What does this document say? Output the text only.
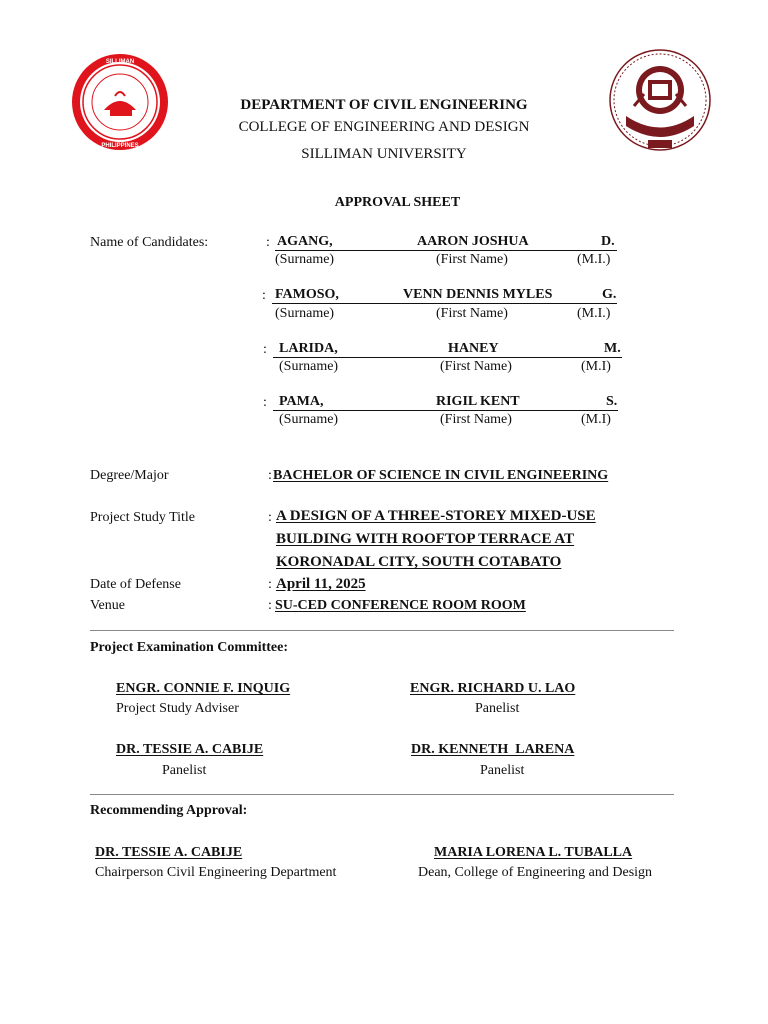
SILLIMAN
PHILIPPINES
DEPARTMENT OF CIVIL ENGINEERING
COLLEGE OF ENGINEERING AND DESIGN
SILLIMAN UNIVERSITY
APPROVAL SHEET
Name of Candidates:	: AGANG,	AARON JOSHUA	D.
(Surname)	(First Name)	(M.I.)
: FAMOSO,	VENN DENNIS MYLES	G.
(Surname)	(First Name)	(M.I.)
: LARIDA,	HANEY	M.
(Surname)	(First Name)	(M.I)
: PAMA,	RIGIL KENT	S.
(Surname)	(First Name)	(M.I)
Degree/Major	: BACHELOR OF SCIENCE IN CIVIL ENGINEERING
Project Study Title	: A DESIGN OF A THREE-STOREY MIXED-USE
BUILDING WITH ROOFTOP TERRACE AT
KORONADAL CITY, SOUTH COTABATO
Date of Defense	: April 11, 2025
Venue	: SU-CED CONFERENCE ROOM ROOM
Project Examination Committee:
ENGR. CONNIE F. INQUIG
Project Study Adviser
ENGR. RICHARD U. LAO
Panelist
DR. TESSIE A. CABIJE
Panelist
DR. KENNETH  LARENA
Panelist
Recommending Approval:
DR. TESSIE A. CABIJE
Chairperson Civil Engineering Department
MARIA LORENA L. TUBALLA
Dean, College of Engineering and Design
